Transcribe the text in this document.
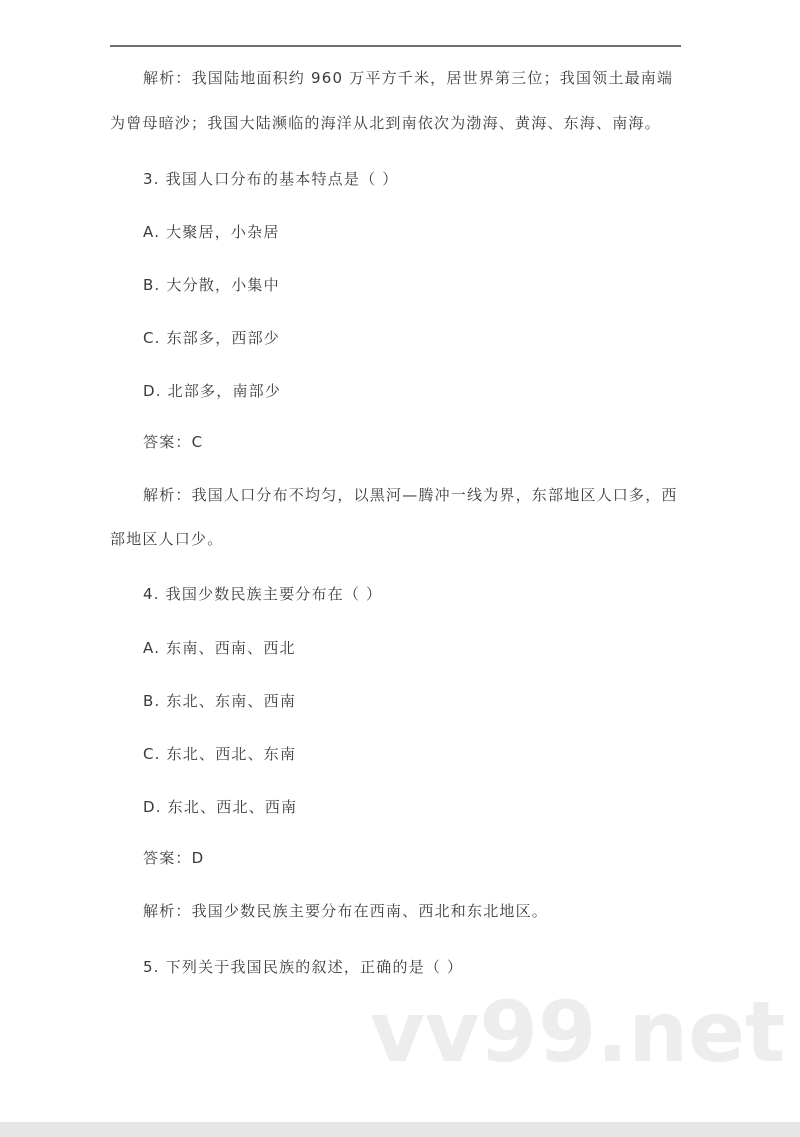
解析：我国陆地面积约 960 万平方千米，居世界第三位；我国领土最南端
为曾母暗沙；我国大陆濒临的海洋从北到南依次为渤海、黄海、东海、南海。
3. 我国人口分布的基本特点是（ ）
A. 大聚居，小杂居
B. 大分散，小集中
C. 东部多，西部少
D. 北部多，南部少
答案：C
解析：我国人口分布不均匀，以黑河—腾冲一线为界，东部地区人口多，西
部地区人口少。
4. 我国少数民族主要分布在（ ）
A. 东南、西南、西北
B. 东北、东南、西南
C. 东北、西北、东南
D. 东北、西北、西南
答案：D
解析：我国少数民族主要分布在西南、西北和东北地区。
5. 下列关于我国民族的叙述，正确的是（ ）
vv99.net
